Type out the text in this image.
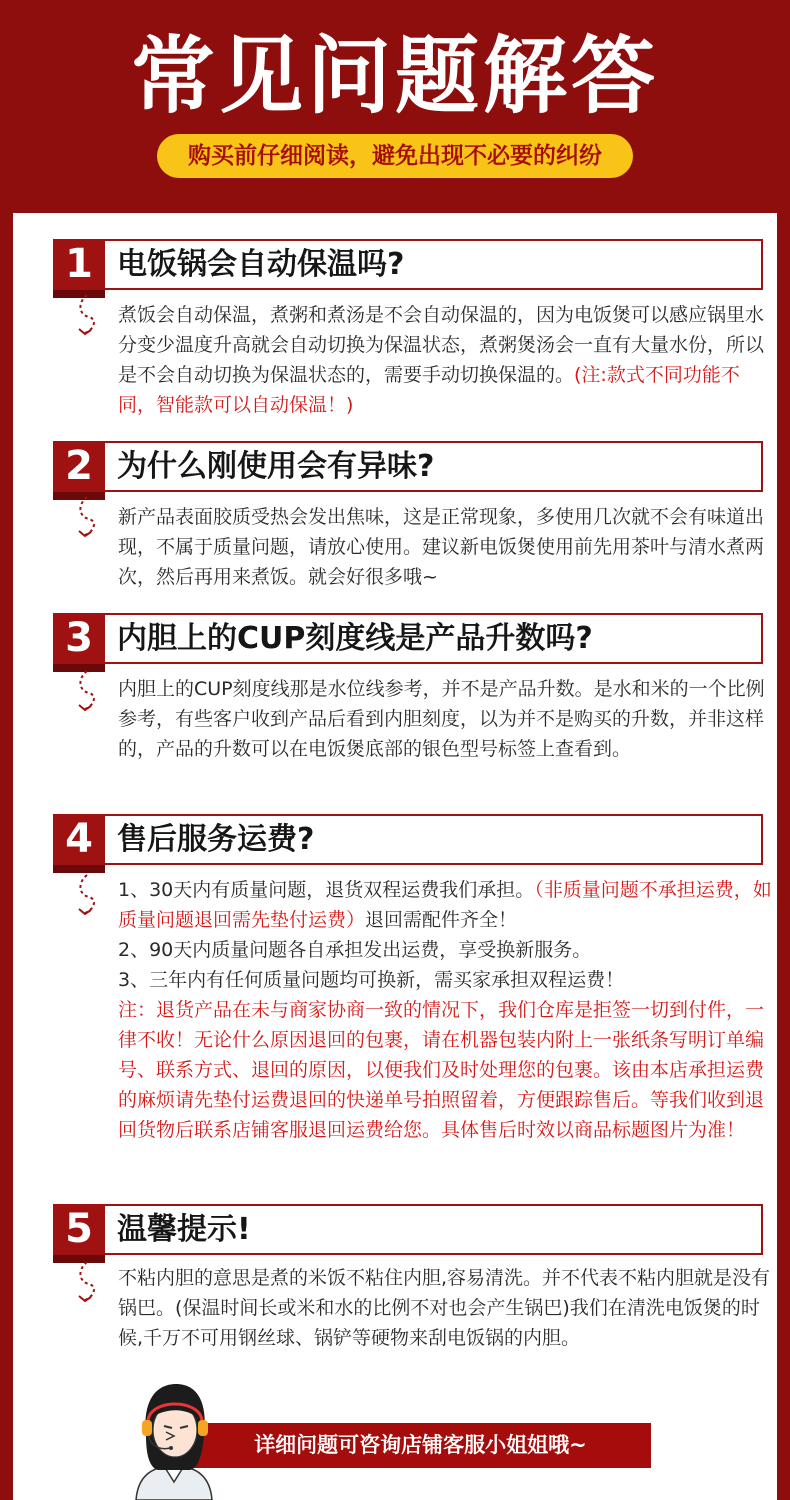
常见问题解答
购买前仔细阅读，避免出现不必要的纠纷
1 电饭锅会自动保温吗?
煮饭会自动保温，煮粥和煮汤是不会自动保温的，因为电饭煲可以感应锅里水分变少温度升高就会自动切换为保温状态，煮粥煲汤会一直有大量水份，所以是不会自动切换为保温状态的，需要手动切换保温的。(注:款式不同功能不同，智能款可以自动保温！)
2 为什么刚使用会有异味?
新产品表面胶质受热会发出焦味，这是正常现象，多使用几次就不会有味道出现，不属于质量问题，请放心使用。建议新电饭煲使用前先用茶叶与清水煮两次，然后再用来煮饭。就会好很多哦~
3 内胆上的CUP刻度线是产品升数吗?
内胆上的CUP刻度线那是水位线参考，并不是产品升数。是水和米的一个比例参考，有些客户收到产品后看到内胆刻度，以为并不是购买的升数，并非这样的，产品的升数可以在电饭煲底部的银色型号标签上查看到。
4 售后服务运费?

1、30天内有质量问题，退货双程运费我们承担。（非质量问题不承担运费，如质量问题退回需先垫付运费）退回需配件齐全！

2、90天内质量问题各自承担发出运费，享受换新服务。

3、三年内有任何质量问题均可换新，需买家承担双程运费！

注：退货产品在未与商家协商一致的情况下，我们仓库是拒签一切到付件，一律不收！无论什么原因退回的包裹，请在机器包装内附上一张纸条写明订单编号、联系方式、退回的原因，以便我们及时处理您的包裹。该由本店承担运费的麻烦请先垫付运费退回的快递单号拍照留着，方便跟踪售后。等我们收到退回货物后联系店铺客服退回运费给您。具体售后时效以商品标题图片为准！

5 温馨提示!
不粘内胆的意思是煮的米饭不粘住内胆,容易清洗。并不代表不粘内胆就是没有锅巴。(保温时间长或米和水的比例不对也会产生锅巴)我们在清洗电饭煲的时候,千万不可用钢丝球、锅铲等硬物来刮电饭锅的内胆。
详细问题可咨询店铺客服小姐姐哦~
